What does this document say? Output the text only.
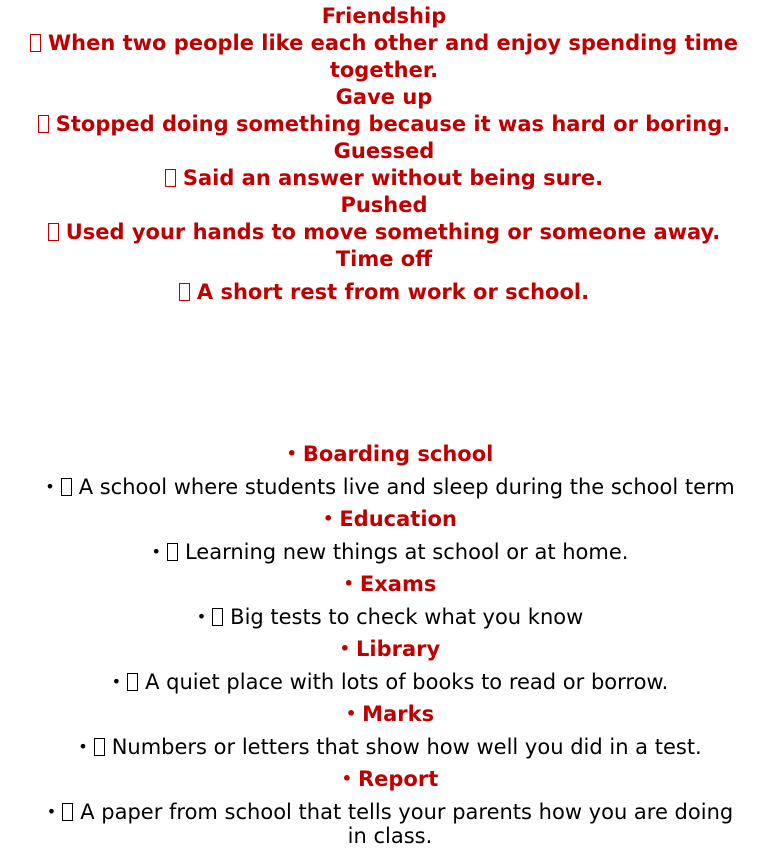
Friendship

When two people like each other and enjoy spending time together.

Gave up

Stopped doing something because it was hard or boring.

Guessed

Said an answer without being sure.

Pushed

Used your hands to move something or someone away.

Time off

A short rest from work or school.

• Boarding school

• A school where students live and sleep during the school term

• Education

• Learning new things at school or at home.

• Exams

• Big tests to check what you know

• Library

• A quiet place with lots of books to read or borrow.

• Marks

• Numbers or letters that show how well you did in a test.

• Report

• A paper from school that tells your parents how you are doing in class.
